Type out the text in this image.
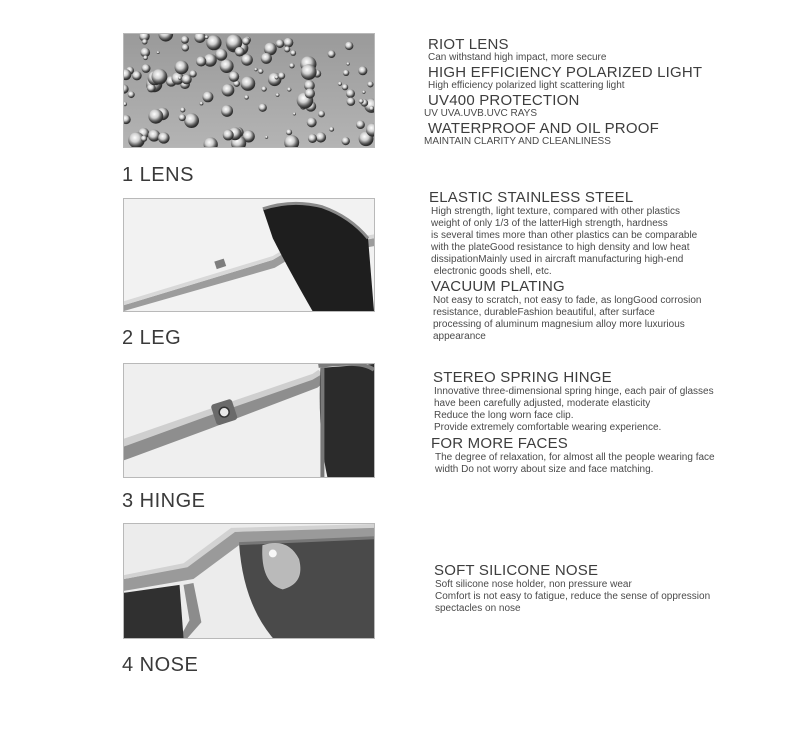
1 LENS
RIOT LENS
Can withstand high impact, more secure
HIGH EFFICIENCY POLARIZED LIGHT
High efficiency polarized light scattering light
UV400 PROTECTION
UV UVA.UVB.UVC RAYS
WATERPROOF AND OIL PROOF
MAINTAIN CLARITY AND CLEANLINESS
2 LEG
ELASTIC STAINLESS STEEL
High strength, light texture, compared with other plastics
weight of only 1/3 of the latterHigh strength, hardness
is several times more than other plastics can be comparable
with the plateGood resistance to high density and low heat
dissipationMainly used in aircraft manufacturing high-end
electronic goods shell, etc.
VACUUM PLATING
Not easy to scratch, not easy to fade, as longGood corrosion
resistance, durableFashion beautiful, after surface
processing of aluminum magnesium alloy more luxurious
appearance
3 HINGE
STEREO SPRING HINGE
Innovative three-dimensional spring hinge, each pair of glasses
have been carefully adjusted, moderate elasticity
Reduce the long worn face clip.
Provide extremely comfortable wearing experience.
FOR MORE FACES
The degree of relaxation, for almost all the people wearing face
width Do not worry about size and face matching.
4 NOSE
SOFT SILICONE NOSE
Soft silicone nose holder, non pressure wear
Comfort is not easy to fatigue, reduce the sense of oppression
spectacles on nose
